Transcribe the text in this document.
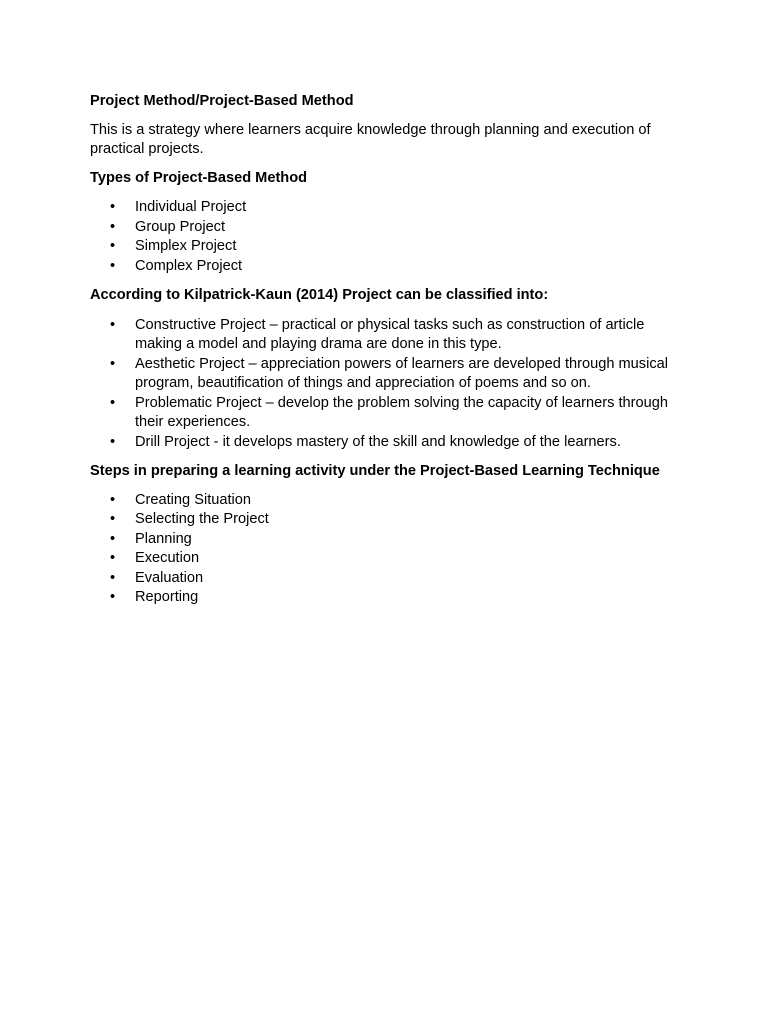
Project Method/Project-Based Method

This is a strategy where learners acquire knowledge through planning and execution of practical projects.

Types of Project-Based Method

• Individual Project
• Group Project
• Simplex Project
• Complex Project

According to Kilpatrick-Kaun (2014) Project can be classified into:

• Constructive Project – practical or physical tasks such as construction of article making a model and playing drama are done in this type.
• Aesthetic Project – appreciation powers of learners are developed through musical program, beautification of things and appreciation of poems and so on.
• Problematic Project – develop the problem solving the capacity of learners through their experiences.
• Drill Project - it develops mastery of the skill and knowledge of the learners.

Steps in preparing a learning activity under the Project-Based Learning Technique

• Creating Situation
• Selecting the Project
• Planning
• Execution
• Evaluation
• Reporting
